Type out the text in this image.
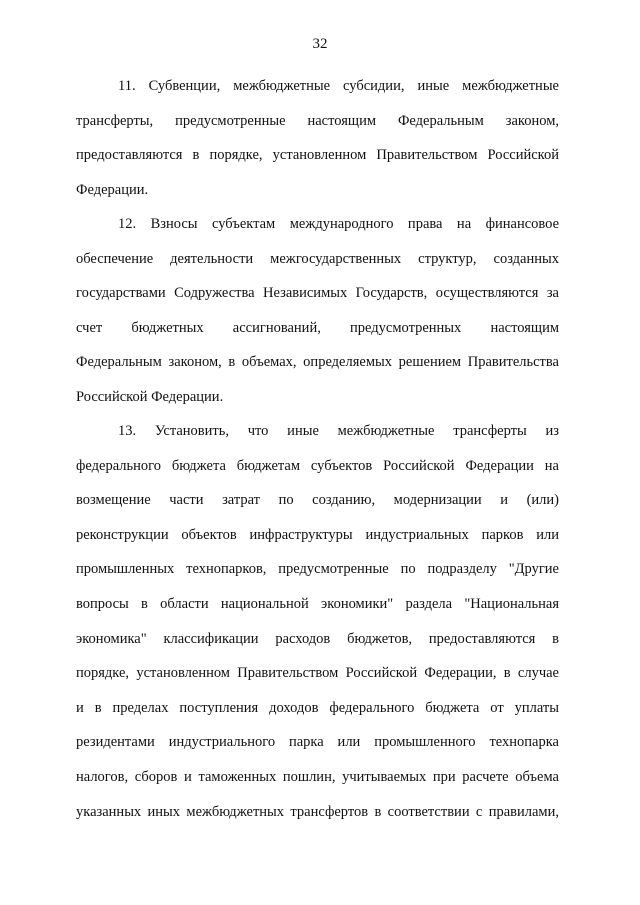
32
11. Субвенции, межбюджетные субсидии, иные межбюджетные
трансферты, предусмотренные настоящим Федеральным законом,
предоставляются в порядке, установленном Правительством Российской
Федерации.
12. Взносы субъектам международного права на финансовое
обеспечение деятельности межгосударственных структур, созданных
государствами Содружества Независимых Государств, осуществляются за
счет бюджетных ассигнований, предусмотренных настоящим
Федеральным законом, в объемах, определяемых решением Правительства
Российской Федерации.
13. Установить, что иные межбюджетные трансферты из
федерального бюджета бюджетам субъектов Российской Федерации на
возмещение части затрат по созданию, модернизации и (или)
реконструкции объектов инфраструктуры индустриальных парков или
промышленных технопарков, предусмотренные по подразделу "Другие
вопросы в области национальной экономики" раздела "Национальная
экономика" классификации расходов бюджетов, предоставляются в
порядке, установленном Правительством Российской Федерации, в случае
и в пределах поступления доходов федерального бюджета от уплаты
резидентами индустриального парка или промышленного технопарка
налогов, сборов и таможенных пошлин, учитываемых при расчете объема
указанных иных межбюджетных трансфертов в соответствии с правилами,
